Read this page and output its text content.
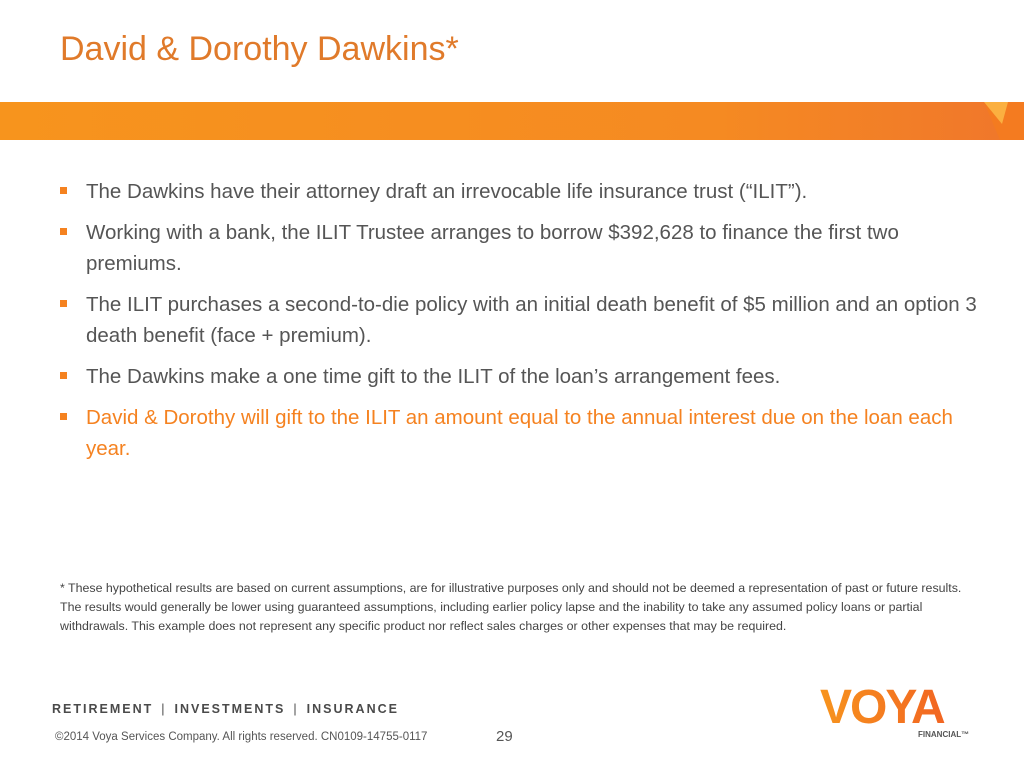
David & Dorothy Dawkins*
The Dawkins have their attorney draft an irrevocable life insurance trust (“ILIT”).
Working with a bank, the ILIT Trustee arranges to borrow $392,628 to finance the first two premiums.
The ILIT purchases a second-to-die policy with an initial death benefit of $5 million and an option 3 death benefit (face + premium).
The Dawkins make a one time gift to the ILIT of the loan’s arrangement fees.
David & Dorothy will gift to the ILIT an amount equal to the annual interest due on the loan each year.

* These hypothetical results are based on current assumptions, are for illustrative purposes only and should not be deemed a representation of past or future results. The results would generally be lower using guaranteed assumptions, including earlier policy lapse and the inability to take any assumed policy loans or partial withdrawals. This example does not represent any specific product nor reflect sales charges or other expenses that may be required.

RETIREMENT | INVESTMENTS | INSURANCE
©2014 Voya Services Company. All rights reserved. CN0109-14755-0117	29
VOYA
FINANCIAL™
